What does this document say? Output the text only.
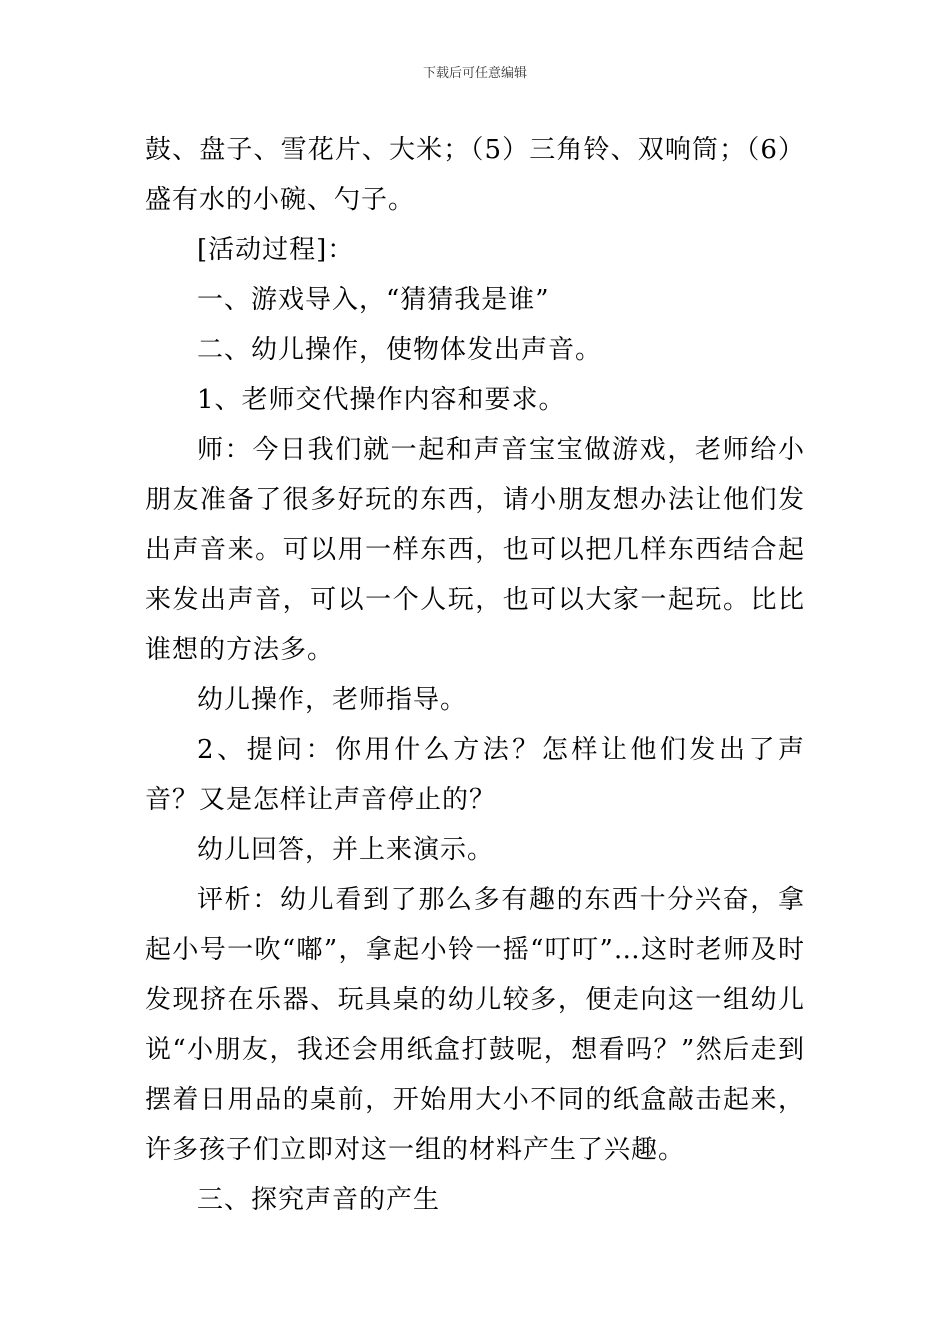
下载后可任意编辑

鼓、盘子、雪花片、大米；（5）三角铃、双响筒；（6）盛有水的小碗、勺子。

[活动过程]：

一、游戏导入，“猜猜我是谁”

二、幼儿操作，使物体发出声音。

1、老师交代操作内容和要求。

师：今日我们就一起和声音宝宝做游戏，老师给小朋友准备了很多好玩的东西，请小朋友想办法让他们发出声音来。可以用一样东西，也可以把几样东西结合起来发出声音，可以一个人玩，也可以大家一起玩。比比谁想的方法多。

幼儿操作，老师指导。

2、提问：你用什么方法？怎样让他们发出了声音？又是怎样让声音停止的？

幼儿回答，并上来演示。

评析：幼儿看到了那么多有趣的东西十分兴奋，拿起小号一吹“嘟”，拿起小铃一摇“叮叮”…这时老师及时发现挤在乐器、玩具桌的幼儿较多，便走向这一组幼儿说“小朋友，我还会用纸盒打鼓呢，想看吗？”然后走到摆着日用品的桌前，开始用大小不同的纸盒敲击起来，许多孩子们立即对这一组的材料产生了兴趣。

三、探究声音的产生
